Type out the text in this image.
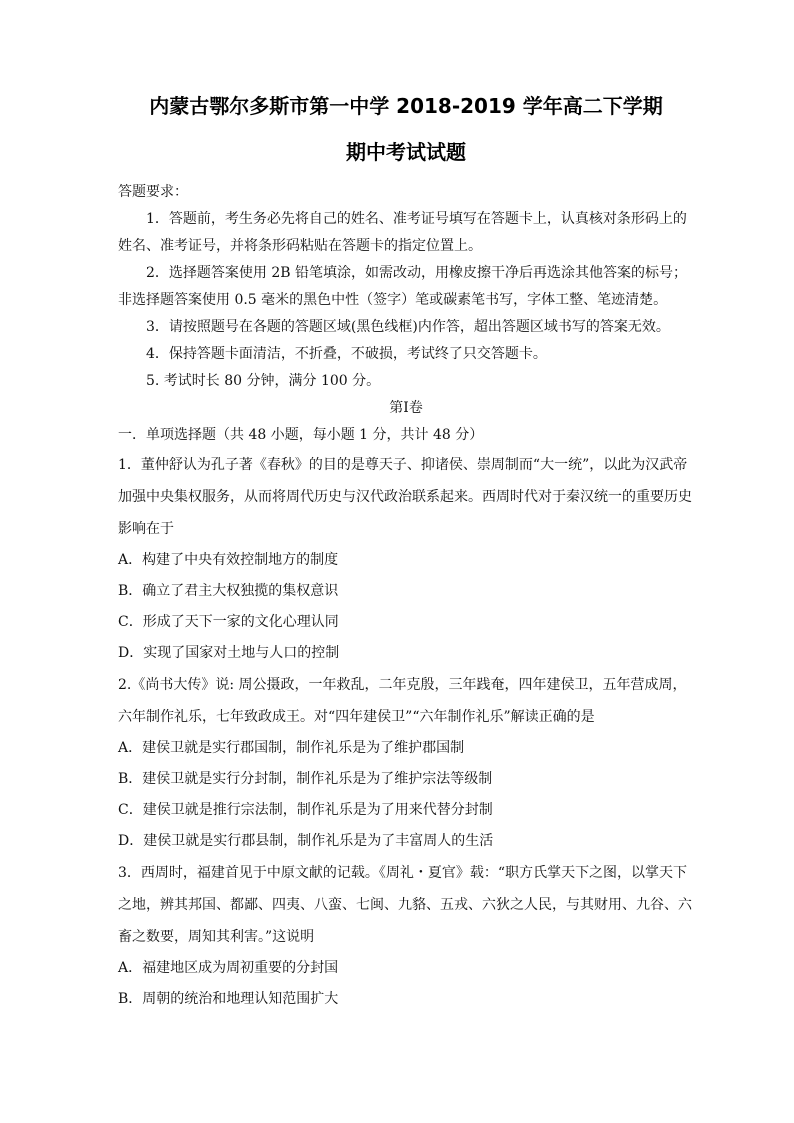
内蒙古鄂尔多斯市第一中学 2018-2019 学年高二下学期
期中考试试题

答题要求：

1．答题前，考生务必先将自己的姓名、准考证号填写在答题卡上，认真核对条形码上的姓名、准考证号，并将条形码粘贴在答题卡的指定位置上。

2．选择题答案使用 2B 铅笔填涂，如需改动，用橡皮擦干净后再选涂其他答案的标号；非选择题答案使用 0.5 毫米的黑色中性（签字）笔或碳素笔书写，字体工整、笔迹清楚。

3．请按照题号在各题的答题区域(黑色线框)内作答，超出答题区域书写的答案无效。

4．保持答题卡面清洁，不折叠，不破损，考试终了只交答题卡。

5. 考试时长 80 分钟，满分 100 分。

第Ⅰ卷

一．单项选择题（共 48 小题，每小题 1 分，共计 48 分）

1．董仲舒认为孔子著《春秋》的目的是尊天子、抑诸侯、崇周制而“大一统”，以此为汉武帝加强中央集权服务，从而将周代历史与汉代政治联系起来。西周时代对于秦汉统一的重要历史影响在于

A．构建了中央有效控制地方的制度

B．确立了君主大权独揽的集权意识

C．形成了天下一家的文化心理认同

D．实现了国家对土地与人口的控制

2.《尚书大传》说: 周公摄政，一年救乱，二年克殷，三年践奄，四年建侯卫，五年营成周，六年制作礼乐，七年致政成王。对“四年建侯卫”“六年制作礼乐”解读正确的是

A．建侯卫就是实行郡国制，制作礼乐是为了维护郡国制

B．建侯卫就是实行分封制，制作礼乐是为了维护宗法等级制

C．建侯卫就是推行宗法制，制作礼乐是为了用来代替分封制

D．建侯卫就是实行郡县制，制作礼乐是为了丰富周人的生活

3．西周时，福建首见于中原文献的记载。《周礼・夏官》载：“职方氏掌天下之图，以掌天下之地，辨其邦国、都鄙、四夷、八蛮、七闽、九貉、五戎、六狄之人民，与其财用、九谷、六畜之数要，周知其利害。”这说明

A．福建地区成为周初重要的分封国

B．周朝的统治和地理认知范围扩大
